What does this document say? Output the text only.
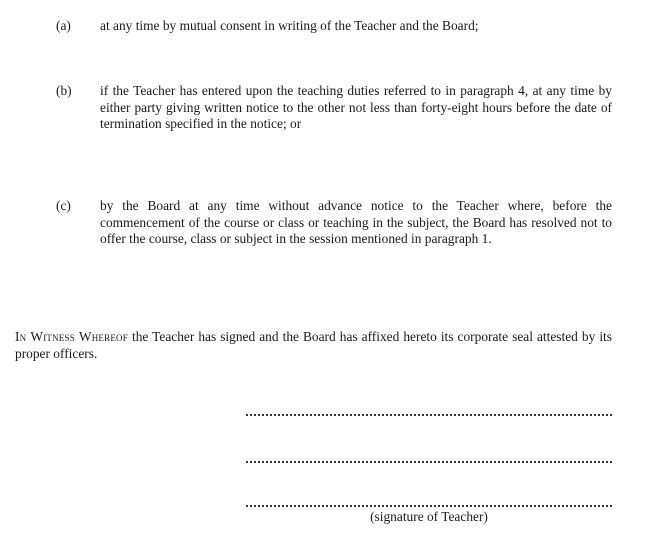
(a)	at any time by mutual consent in writing of the Teacher and the Board;
(b)	if the Teacher has entered upon the teaching duties referred to in paragraph 4, at any time by either party giving written notice to the other not less than forty-eight hours before the date of termination specified in the notice; or
(c)	by the Board at any time without advance notice to the Teacher where, before the commencement of the course or class or teaching in the subject, the Board has resolved not to offer the course, class or subject in the session mentioned in paragraph 1.
In Witness Whereof the Teacher has signed and the Board has affixed hereto its corporate seal attested by its proper officers.
(signature of Teacher)
